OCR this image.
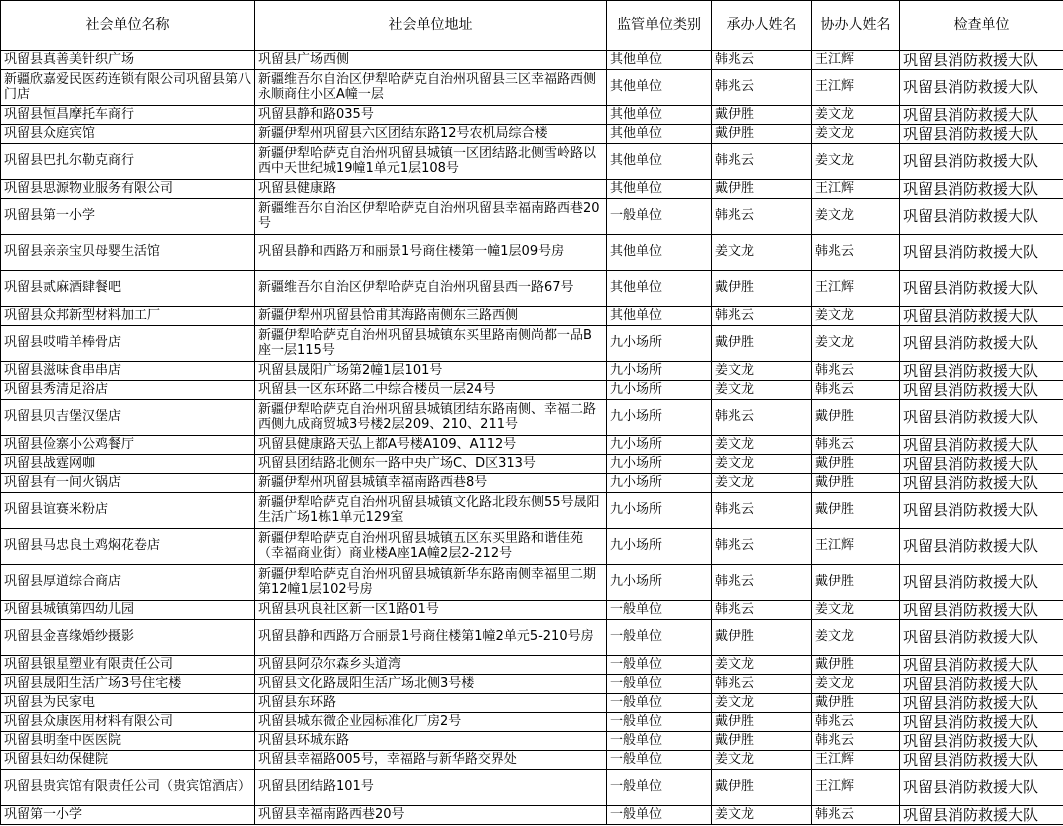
社会单位名称	社会单位地址	监管单位类别	承办人姓名	协办人姓名	检查单位
巩留县真善美针织广场	巩留县广场西侧	其他单位	韩兆云	王江辉	巩留县消防救援大队
新疆欣嘉爱民医药连锁有限公司巩留县第八门店	新疆维吾尔自治区伊犁哈萨克自治州巩留县三区幸福路西侧永顺商住小区A幢一层	其他单位	韩兆云	王江辉	巩留县消防救援大队
巩留县恒昌摩托车商行	巩留县静和路035号	其他单位	戴伊胜	姜文龙	巩留县消防救援大队
巩留县众庭宾馆	新疆伊犁州巩留县六区团结东路12号农机局综合楼	其他单位	戴伊胜	姜文龙	巩留县消防救援大队
巩留县巴扎尔勒克商行	新疆伊犁哈萨克自治州巩留县城镇一区团结路北侧雪岭路以西中天世纪城19幢1单元1层108号	其他单位	韩兆云	姜文龙	巩留县消防救援大队
巩留县思源物业服务有限公司	巩留县健康路	其他单位	戴伊胜	王江辉	巩留县消防救援大队
巩留县第一小学	新疆维吾尔自治区伊犁哈萨克自治州巩留县幸福南路西巷20号	一般单位	韩兆云	姜文龙	巩留县消防救援大队
巩留县亲亲宝贝母婴生活馆	巩留县静和西路万和丽景1号商住楼第一幢1层09号房	其他单位	姜文龙	韩兆云	巩留县消防救援大队
巩留县贰麻酒肆餐吧	新疆维吾尔自治区伊犁哈萨克自治州巩留县西一路67号	其他单位	戴伊胜	王江辉	巩留县消防救援大队
巩留县众邦新型材料加工厂	新疆伊犁州巩留县恰甫其海路南侧东三路西侧	其他单位	韩兆云	姜文龙	巩留县消防救援大队
巩留县哎啃羊棒骨店	新疆伊犁哈萨克自治州巩留县城镇东买里路南侧尚都一品B座一层115号	九小场所	戴伊胜	姜文龙	巩留县消防救援大队
巩留县滋味食串串店	巩留县晟阳广场第2幢1层101号	九小场所	姜文龙	韩兆云	巩留县消防救援大队
巩留县秀清足浴店	巩留县一区东环路二中综合楼员一层24号	九小场所	姜文龙	韩兆云	巩留县消防救援大队
巩留县贝吉堡汉堡店	新疆伊犁哈萨克自治州巩留县城镇团结东路南侧、幸福二路西侧九成商贸城3号楼2层209、210、211号	九小场所	韩兆云	戴伊胜	巩留县消防救援大队
巩留县俭寨小公鸡餐厅	巩留县健康路天弘上都A号楼A109、A112号	九小场所	姜文龙	韩兆云	巩留县消防救援大队
巩留县战霆网咖	巩留县团结路北侧东一路中央广场C、D区313号	九小场所	姜文龙	戴伊胜	巩留县消防救援大队
巩留县有一间火锅店	新疆伊犁州巩留县城镇幸福南路西巷8号	九小场所	姜文龙	戴伊胜	巩留县消防救援大队
巩留县谊赛米粉店	新疆伊犁哈萨克自治州巩留县城镇文化路北段东侧55号晟阳生活广场1栋1单元129室	九小场所	韩兆云	戴伊胜	巩留县消防救援大队
巩留县马忠良土鸡焖花卷店	新疆伊犁哈萨克自治州巩留县城镇五区东买里路和谐佳苑（幸福商业街）商业楼A座1A幢2层2-212号	九小场所	韩兆云	王江辉	巩留县消防救援大队
巩留县厚道综合商店	新疆伊犁哈萨克自治州巩留县城镇新华东路南侧幸福里二期第12幢1层102号房	九小场所	韩兆云	戴伊胜	巩留县消防救援大队
巩留县城镇第四幼儿园	巩留县巩良社区新一区1路01号	一般单位	韩兆云	姜文龙	巩留县消防救援大队
巩留县金喜缘婚纱摄影	巩留县静和西路万合丽景1号商住楼第1幢2单元5-210号房	一般单位	戴伊胜	姜文龙	巩留县消防救援大队
巩留县银星塑业有限责任公司	巩留县阿尕尔森乡头道湾	一般单位	姜文龙	戴伊胜	巩留县消防救援大队
巩留县晟阳生活广场3号住宅楼	巩留县文化路晟阳生活广场北侧3号楼	一般单位	韩兆云	姜文龙	巩留县消防救援大队
巩留县为民家电	巩留县东环路	一般单位	姜文龙	戴伊胜	巩留县消防救援大队
巩留县众康医用材料有限公司	巩留县城东微企业园标准化厂房2号	一般单位	戴伊胜	韩兆云	巩留县消防救援大队
巩留县明奎中医医院	巩留县环城东路	一般单位	戴伊胜	韩兆云	巩留县消防救援大队
巩留县妇幼保健院	巩留县幸福路005号，幸福路与新华路交界处	一般单位	姜文龙	王江辉	巩留县消防救援大队
巩留县贵宾馆有限责任公司（贵宾馆酒店）	巩留县团结路101号	一般单位	戴伊胜	王江辉	巩留县消防救援大队
巩留第一小学	巩留县幸福南路西巷20号	一般单位	姜文龙	韩兆云	巩留县消防救援大队
